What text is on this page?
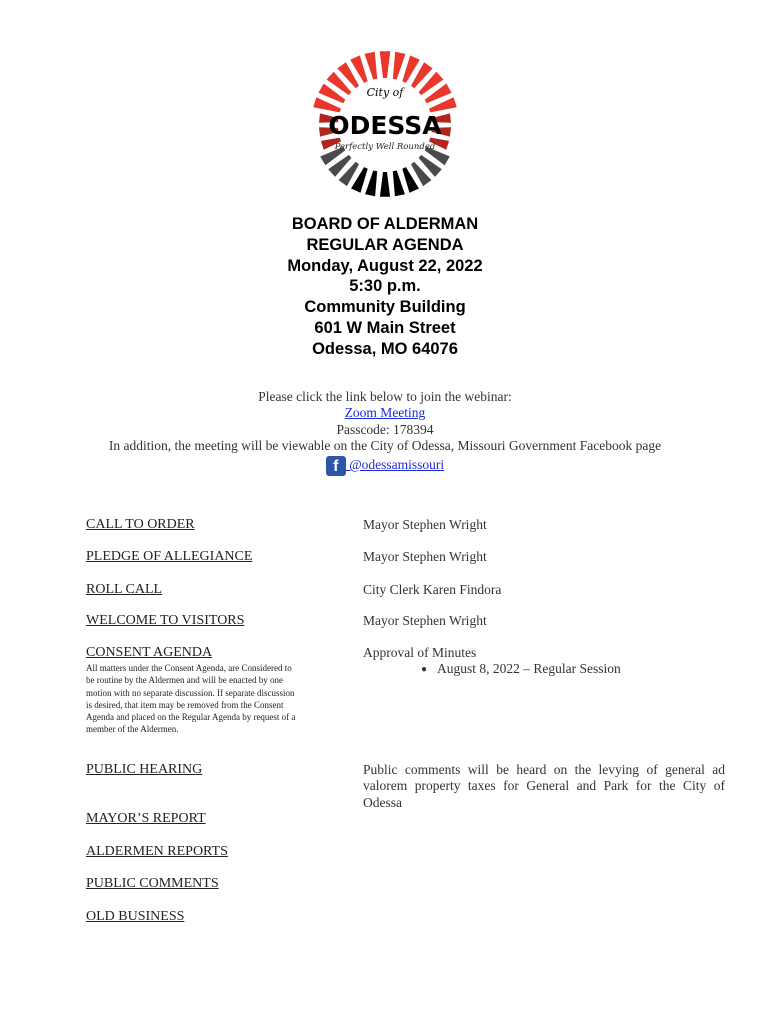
City of
ODESSA
Perfectly Well Rounded
BOARD OF ALDERMAN
REGULAR AGENDA
Monday, August 22, 2022
5:30 p.m.
Community Building
601 W Main Street
Odessa, MO 64076
Please click the link below to join the webinar:
Zoom Meeting
Passcode: 178394
In addition, the meeting will be viewable on the City of Odessa, Missouri Government Facebook page
f @odessamissouri
CALL TO ORDER	Mayor Stephen Wright
PLEDGE OF ALLEGIANCE	Mayor Stephen Wright
ROLL CALL	City Clerk Karen Findora
WELCOME TO VISITORS	Mayor Stephen Wright
CONSENT AGENDA	Approval of Minutes
All matters under the Consent Agenda, are Considered to be routine by the Aldermen and will be enacted by one motion with no separate discussion. If separate discussion is desired, that item may be removed from the Consent Agenda and placed on the Regular Agenda by request of a member of the Aldermen.
● August 8, 2022 – Regular Session
PUBLIC HEARING	Public comments will be heard on the levying of general ad valorem property taxes for General and Park for the City of Odessa
MAYOR’S REPORT
ALDERMEN REPORTS
PUBLIC COMMENTS
OLD BUSINESS
